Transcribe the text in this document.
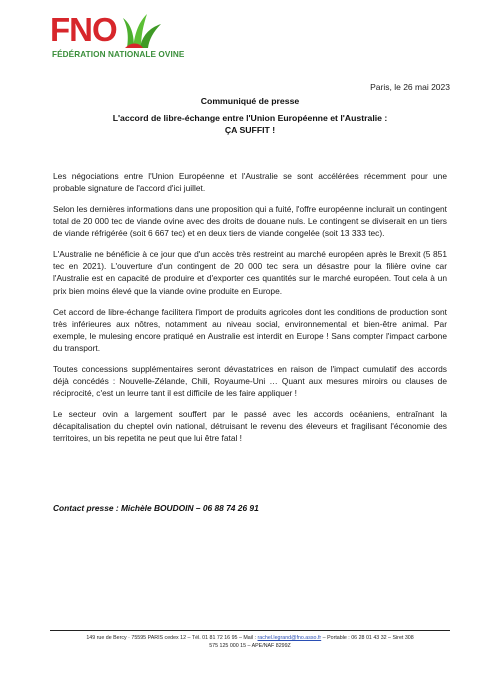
FNO
FÉDÉRATION NATIONALE OVINE
Paris, le 26 mai 2023
Communiqué de presse
L'accord de libre-échange entre l'Union Européenne et l'Australie :
ÇA SUFFIT !

Les négociations entre l'Union Européenne et l'Australie se sont accélérées récemment pour une probable signature de l'accord d'ici juillet.

Selon les dernières informations dans une proposition qui a fuité, l'offre européenne inclurait un contingent total de 20 000 tec de viande ovine avec des droits de douane nuls. Le contingent se diviserait en un tiers de viande réfrigérée (soit 6 667 tec) et en deux tiers de viande congelée (soit 13 333 tec).

L'Australie ne bénéficie à ce jour que d'un accès très restreint au marché européen après le Brexit (5 851 tec en 2021). L'ouverture d'un contingent de 20 000 tec sera un désastre pour la filière ovine car l'Australie est en capacité de produire et d'exporter ces quantités sur le marché européen. Tout cela à un prix bien moins élevé que la viande ovine produite en Europe.

Cet accord de libre-échange facilitera l'import de produits agricoles dont les conditions de production sont très inférieures aux nôtres, notamment au niveau social, environnemental et bien-être animal. Par exemple, le mulesing encore pratiqué en Australie est interdit en Europe ! Sans compter l'impact carbone du transport.

Toutes concessions supplémentaires seront dévastatrices en raison de l'impact cumulatif des accords déjà concédés : Nouvelle-Zélande, Chili, Royaume-Uni … Quant aux mesures miroirs ou clauses de réciprocité, c'est un leurre tant il est difficile de les faire appliquer !

Le secteur ovin a largement souffert par le passé avec les accords océaniens, entraînant la décapitalisation du cheptel ovin national, détruisant le revenu des éleveurs et fragilisant l'économie des territoires, un bis repetita ne peut que lui être fatal !

Contact presse : Michèle BOUDOIN – 06 88 74 26 91
149 rue de Bercy · 75595 PARIS cedex 12 – Tél. 01 81 72 16 95 – Mail : rachel.legrand@fno.asso.fr – Portable : 06 28 01 43 32 – Siret 308
575 125 000 15 – APE/NAF 8299Z
